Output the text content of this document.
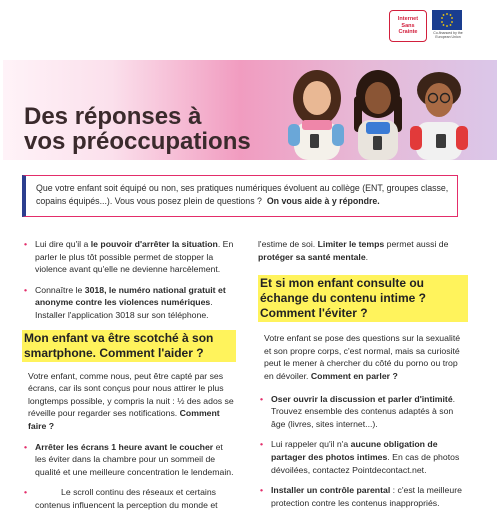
Internet
Sans
Crainte	Co-financed by the European Union
Des réponses à
vos préoccupations
Que votre enfant soit équipé ou non, ses pratiques numériques évoluent au collège (ENT, groupes classe, copains équipés...). Vous vous posez plein de questions ? On vous aide à y répondre.

• Lui dire qu'il a le pouvoir d'arrêter la situation. En parler le plus tôt possible permet de stopper la violence avant qu'elle ne devienne harcèlement.

• Connaître le 3018, le numéro national gratuit et anonyme contre les violences numériques. Installer l'application 3018 sur son téléphone.

Mon enfant va être scotché à son smartphone. Comment l'aider ?

Votre enfant, comme nous, peut être capté par ses écrans, car ils sont conçus pour nous attirer le plus longtemps possible, y compris la nuit : ½ des ados se réveille pour regarder ses notifications. Comment faire ?

• Arrêter les écrans 1 heure avant le coucher et les éviter dans la chambre pour un sommeil de qualité et une meilleure concentration le lendemain.

•	Le scroll continu des réseaux et certains contenus influencent la perception du monde et

l'estime de soi. Limiter le temps permet aussi de protéger sa santé mentale.

Et si mon enfant consulte ou échange du contenu intime ? Comment l'éviter ?

Votre enfant se pose des questions sur la sexualité et son propre corps, c'est normal, mais sa curiosité peut le mener à chercher du côté du porno ou trop en dévoiler. Comment en parler ?

• Oser ouvrir la discussion et parler d'intimité. Trouvez ensemble des contenus adaptés à son âge (livres, sites internet...).

• Lui rappeler qu'il n'a aucune obligation de partager des photos intimes. En cas de photos dévoilées, contactez Pointdecontact.net.

• Installer un contrôle parental : c'est la meilleure protection contre les contenus inappropriés.
